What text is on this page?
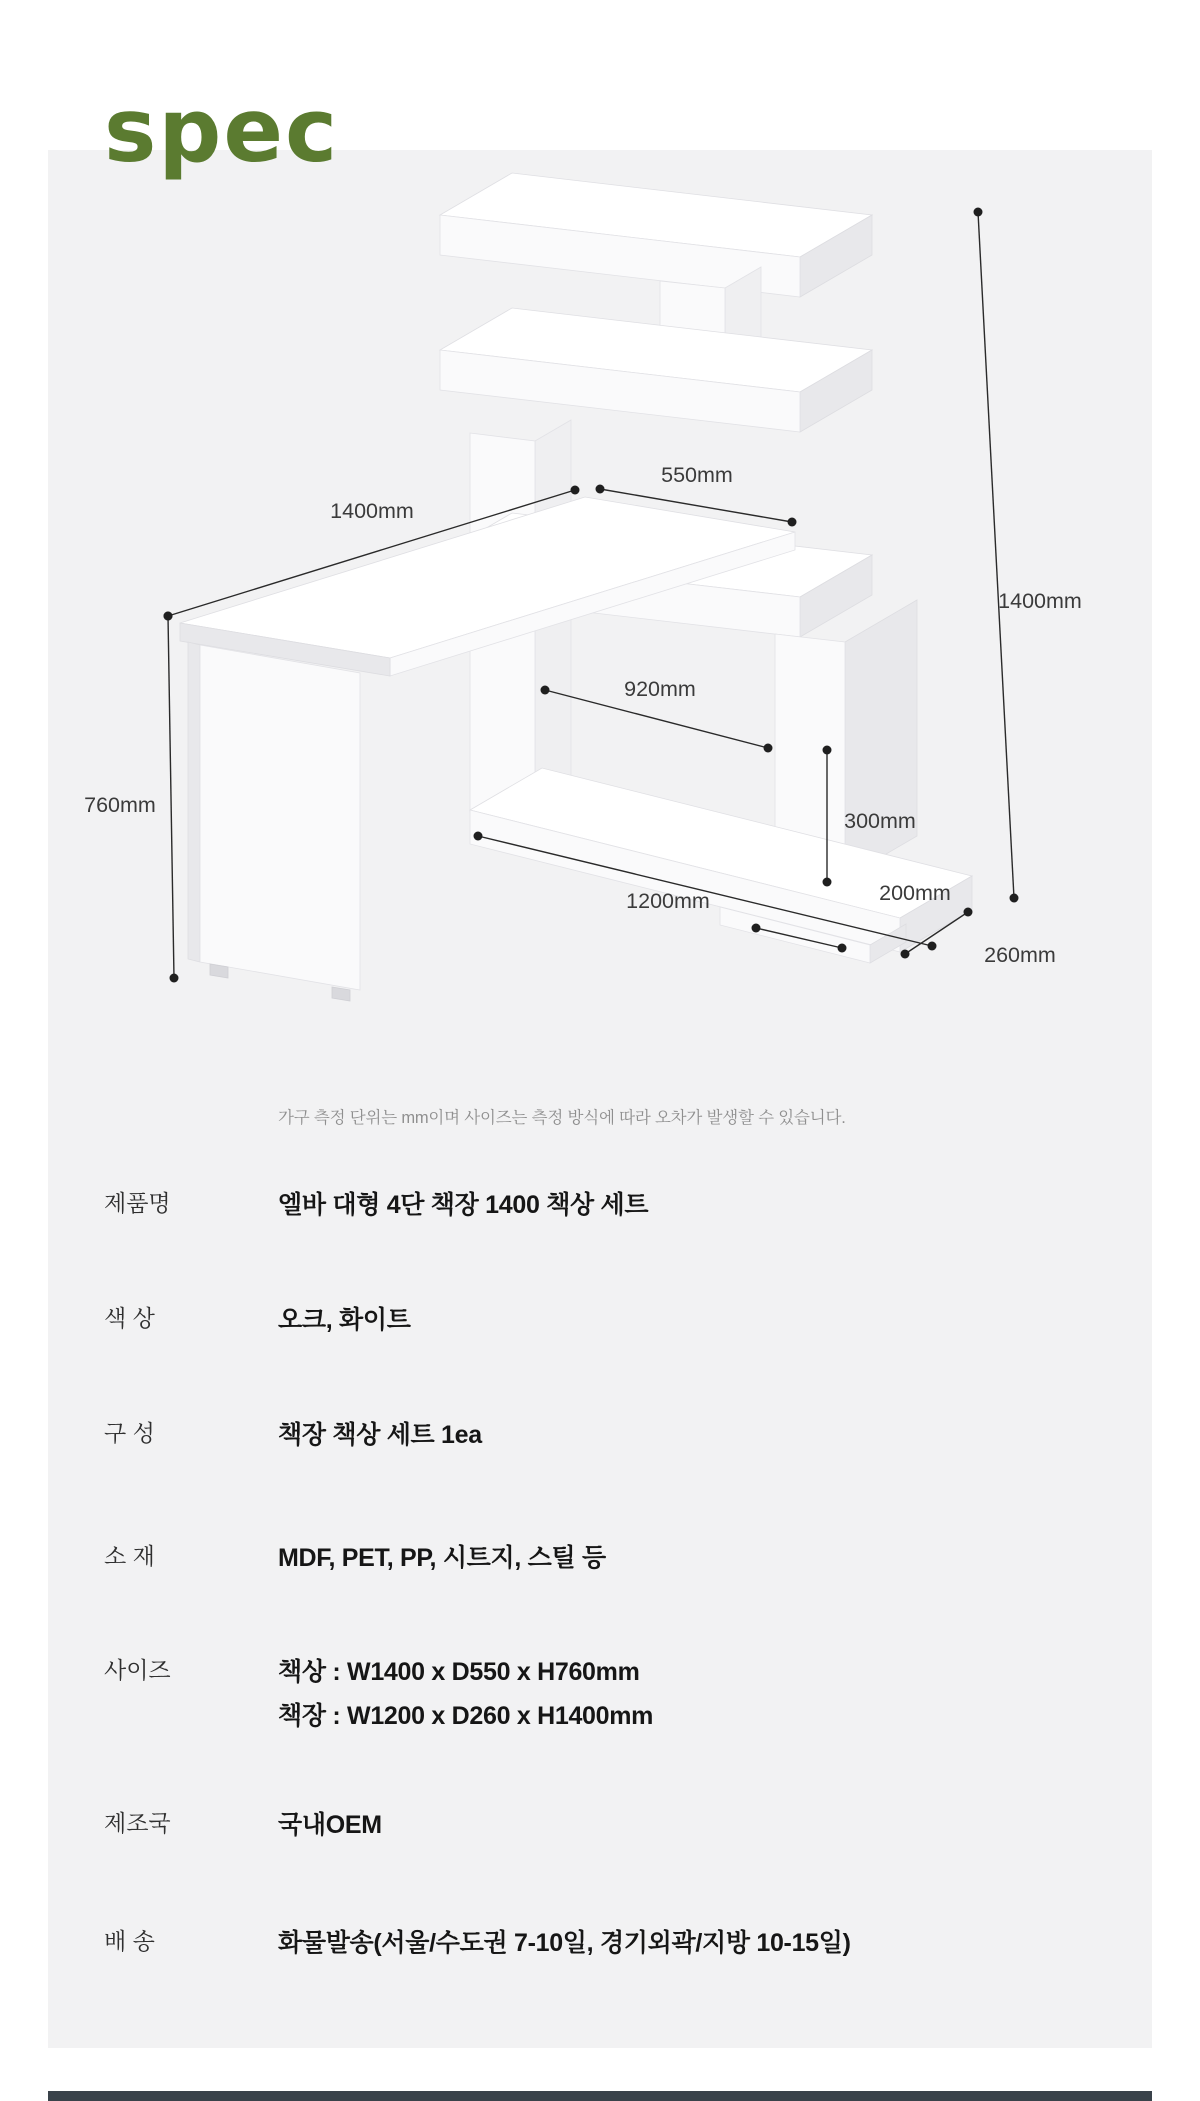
spec
1400mm
550mm
760mm
1400mm
920mm
300mm
1200mm	200mm
260mm
가구 측정 단위는 mm이며 사이즈는 측정 방식에 따라 오차가 발생할 수 있습니다.
제품명	엘바 대형 4단 책장 1400 책상 세트
색 상	오크, 화이트
구 성	책장 책상 세트 1ea
소 재	MDF, PET, PP, 시트지, 스틸 등
사이즈	책상 : W1400 x D550 x H760mm
책장 : W1200 x D260 x H1400mm
제조국	국내OEM
배 송	화물발송(서울/수도권 7-10일, 경기외곽/지방 10-15일)
